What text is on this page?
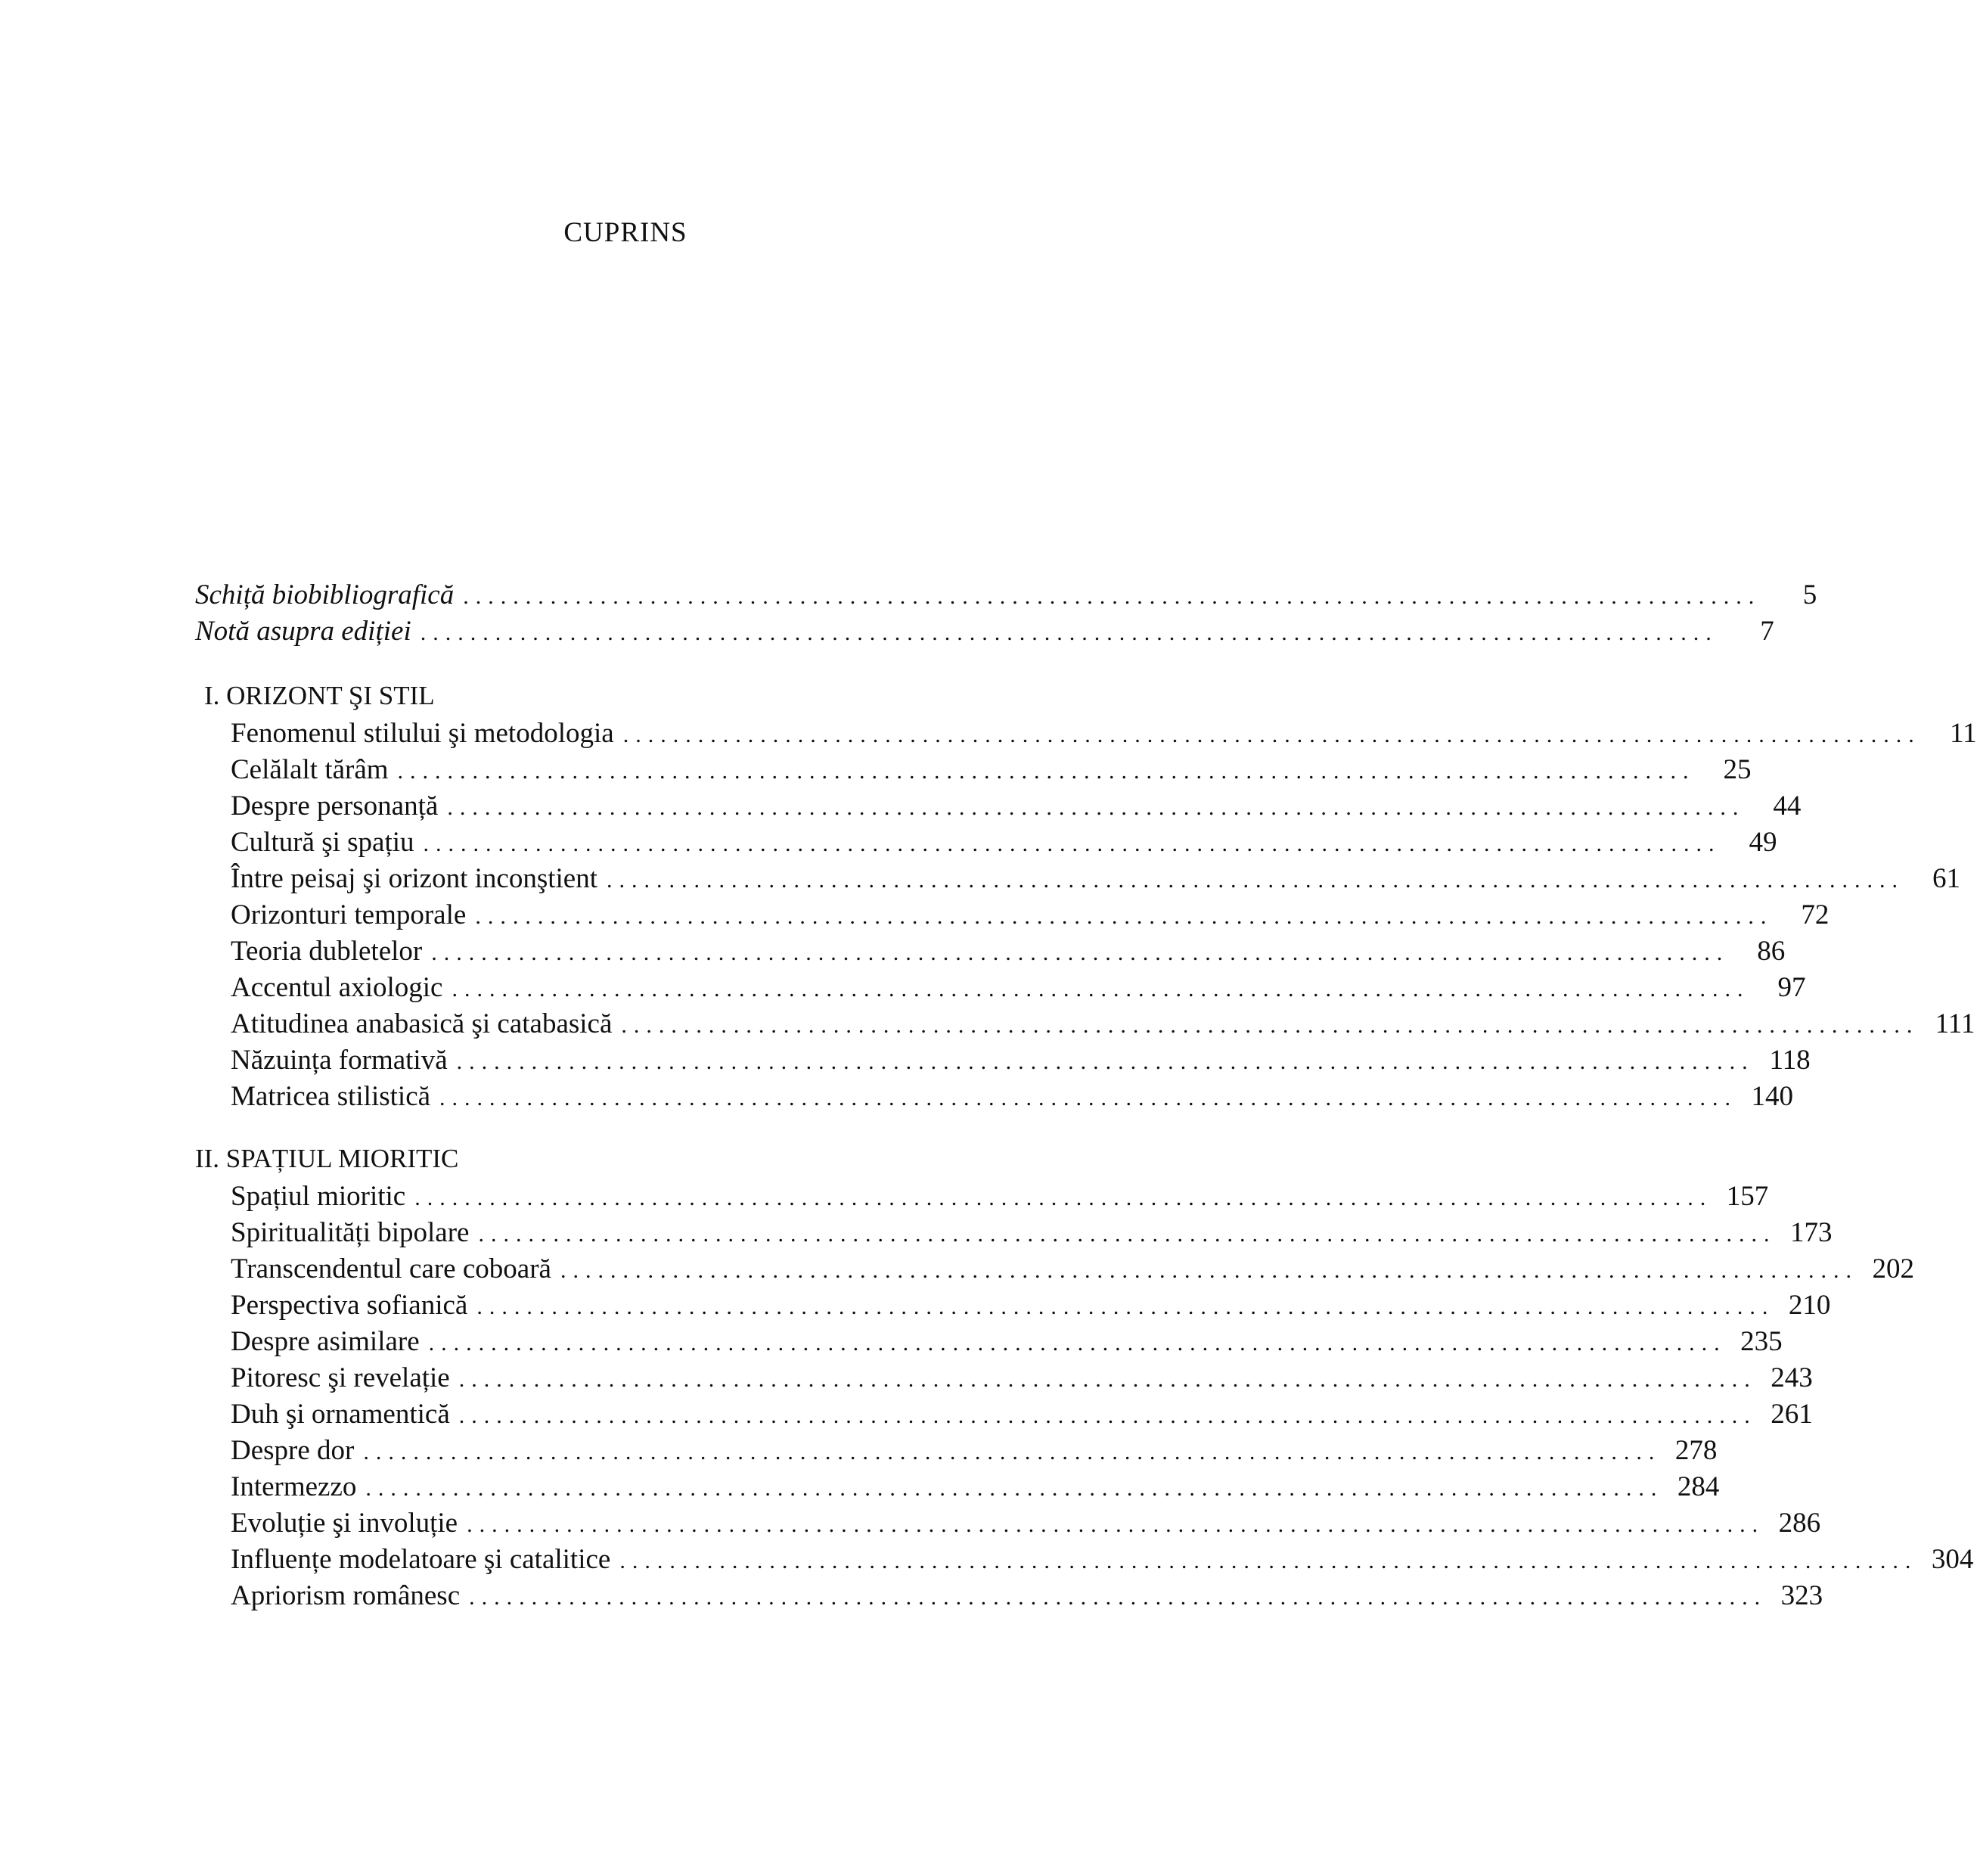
CUPRINS
Schiță biobibliografică ........................................................................................................	5
Notă asupra ediției ........................................................................................................	7
I. ORIZONT ŞI STIL
Fenomenul stilului şi metodologia ........................................................................................................	11
Celălalt tărâm ........................................................................................................	25
Despre personanță ........................................................................................................	44
Cultură şi spațiu ........................................................................................................	49
Între peisaj şi orizont inconştient ........................................................................................................	61
Orizonturi temporale ........................................................................................................	72
Teoria dubletelor ........................................................................................................	86
Accentul axiologic ........................................................................................................	97
Atitudinea anabasică şi catabasică ........................................................................................................ 111
Năzuința formativă ........................................................................................................ 118
Matricea stilistică ........................................................................................................ 140
II. SPAȚIUL MIORITIC
Spațiul mioritic ........................................................................................................ 157
Spiritualități bipolare ........................................................................................................ 173
Transcendentul care coboară ........................................................................................................ 202
Perspectiva sofianică ........................................................................................................ 210
Despre asimilare ........................................................................................................ 235
Pitoresc şi revelație ........................................................................................................ 243
Duh şi ornamentică ........................................................................................................ 261
Despre dor ........................................................................................................ 278
Intermezzo ........................................................................................................ 284
Evoluție şi involuție ........................................................................................................ 286
Influențe modelatoare şi catalitice ........................................................................................................ 304
Apriorism românesc ........................................................................................................ 323
